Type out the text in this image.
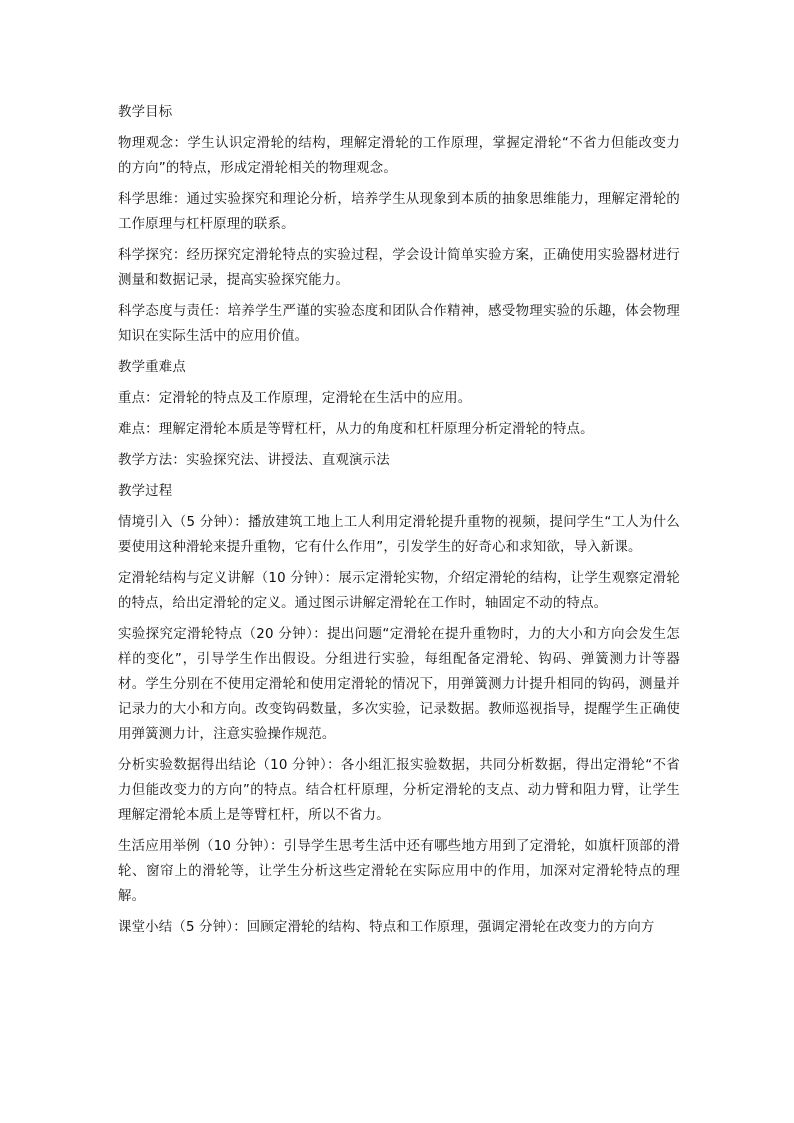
教学目标

物理观念：学生认识定滑轮的结构，理解定滑轮的工作原理，掌握定滑轮“不省力但能改变力的方向”的特点，形成定滑轮相关的物理观念。

科学思维：通过实验探究和理论分析，培养学生从现象到本质的抽象思维能力，理解定滑轮的工作原理与杠杆原理的联系。

科学探究：经历探究定滑轮特点的实验过程，学会设计简单实验方案，正确使用实验器材进行测量和数据记录，提高实验探究能力。

科学态度与责任：培养学生严谨的实验态度和团队合作精神，感受物理实验的乐趣，体会物理知识在实际生活中的应用价值。

教学重难点

重点：定滑轮的特点及工作原理，定滑轮在生活中的应用。

难点：理解定滑轮本质是等臂杠杆，从力的角度和杠杆原理分析定滑轮的特点。

教学方法：实验探究法、讲授法、直观演示法

教学过程

情境引入（5 分钟）：播放建筑工地上工人利用定滑轮提升重物的视频，提问学生“工人为什么要使用这种滑轮来提升重物，它有什么作用”，引发学生的好奇心和求知欲，导入新课。

定滑轮结构与定义讲解（10 分钟）：展示定滑轮实物，介绍定滑轮的结构，让学生观察定滑轮的特点，给出定滑轮的定义。通过图示讲解定滑轮在工作时，轴固定不动的特点。

实验探究定滑轮特点（20 分钟）：提出问题“定滑轮在提升重物时，力的大小和方向会发生怎样的变化”，引导学生作出假设。分组进行实验，每组配备定滑轮、钩码、弹簧测力计等器材。学生分别在不使用定滑轮和使用定滑轮的情况下，用弹簧测力计提升相同的钩码，测量并记录力的大小和方向。改变钩码数量，多次实验，记录数据。教师巡视指导，提醒学生正确使用弹簧测力计，注意实验操作规范。

分析实验数据得出结论（10 分钟）：各小组汇报实验数据，共同分析数据，得出定滑轮“不省力但能改变力的方向”的特点。结合杠杆原理，分析定滑轮的支点、动力臂和阻力臂，让学生理解定滑轮本质上是等臂杠杆，所以不省力。

生活应用举例（10 分钟）：引导学生思考生活中还有哪些地方用到了定滑轮，如旗杆顶部的滑轮、窗帘上的滑轮等，让学生分析这些定滑轮在实际应用中的作用，加深对定滑轮特点的理解。

课堂小结（5 分钟）：回顾定滑轮的结构、特点和工作原理，强调定滑轮在改变力的方向方
